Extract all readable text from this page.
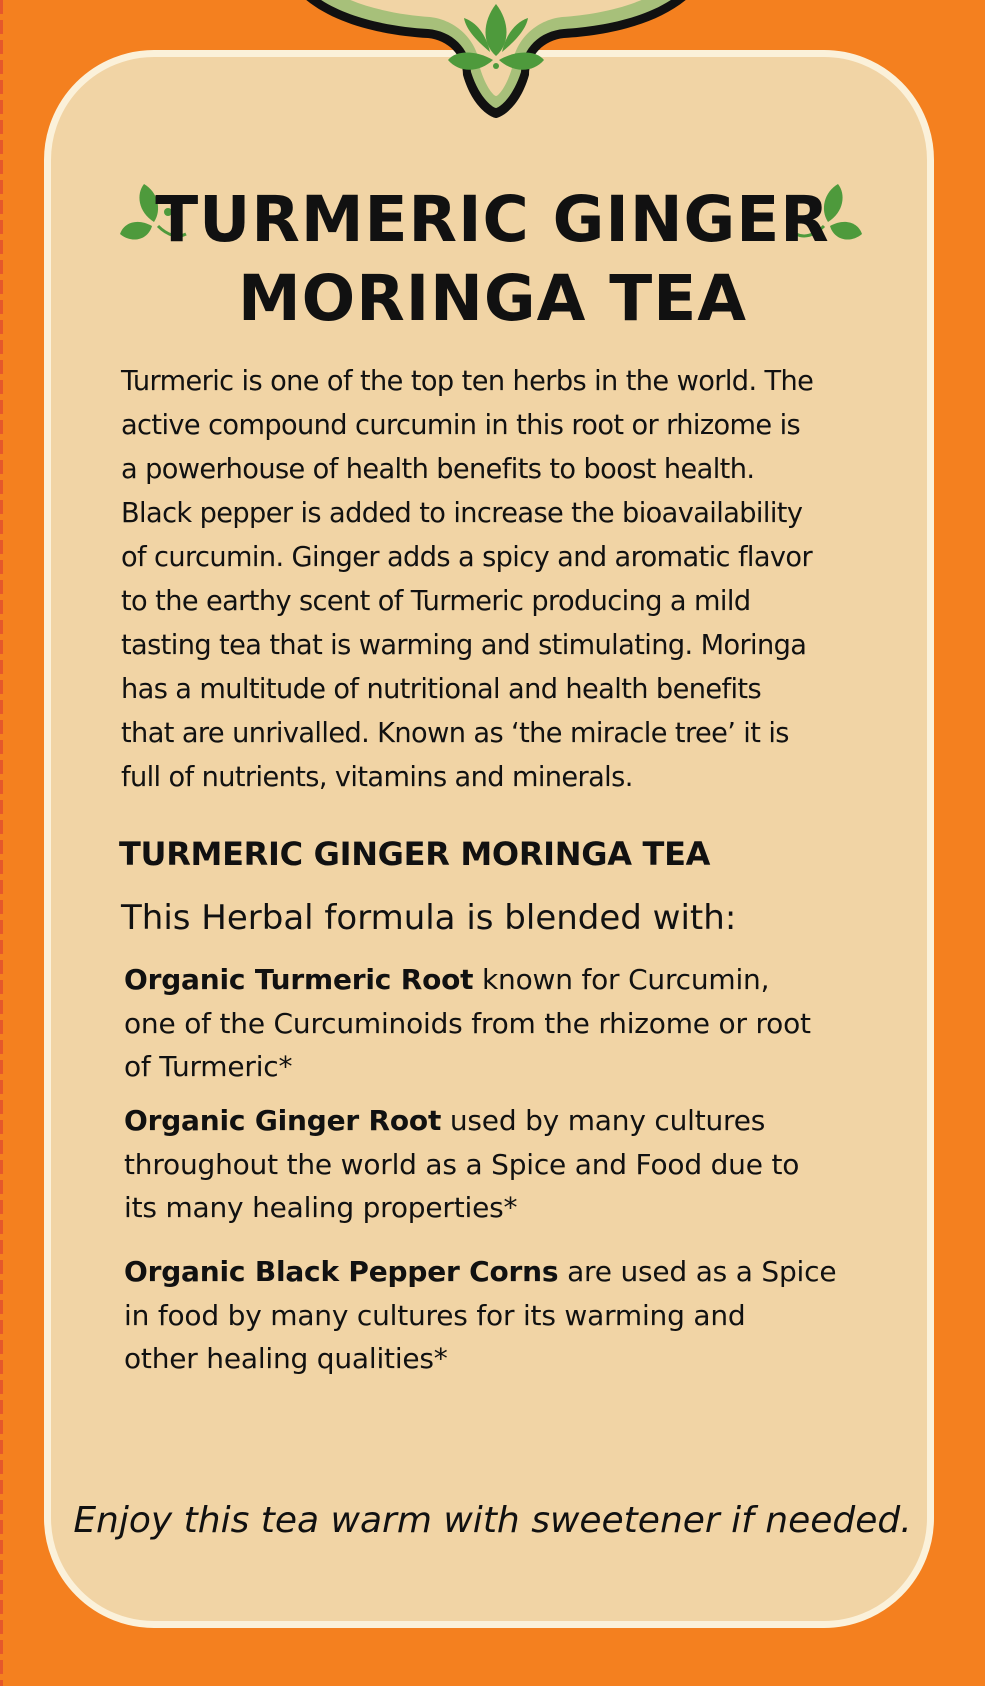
TURMERIC GINGER
MORINGA TEA
Turmeric is one of the top ten herbs in the world. The
active compound curcumin in this root or rhizome is
a powerhouse of health benefits to boost health.
Black pepper is added to increase the bioavailability
of curcumin. Ginger adds a spicy and aromatic flavor
to the earthy scent of Turmeric producing a mild
tasting tea that is warming and stimulating. Moringa
has a multitude of nutritional and health benefits
that are unrivalled. Known as ‘the miracle tree’ it is
full of nutrients, vitamins and minerals.
TURMERIC GINGER MORINGA TEA
This Herbal formula is blended with:
Organic Turmeric Root known for Curcumin,
one of the Curcuminoids from the rhizome or root
of Turmeric*
Organic Ginger Root used by many cultures
throughout the world as a Spice and Food due to
its many healing properties*
Organic Black Pepper Corns are used as a Spice
in food by many cultures for its warming and
other healing qualities*
Enjoy this tea warm with sweetener if needed.
